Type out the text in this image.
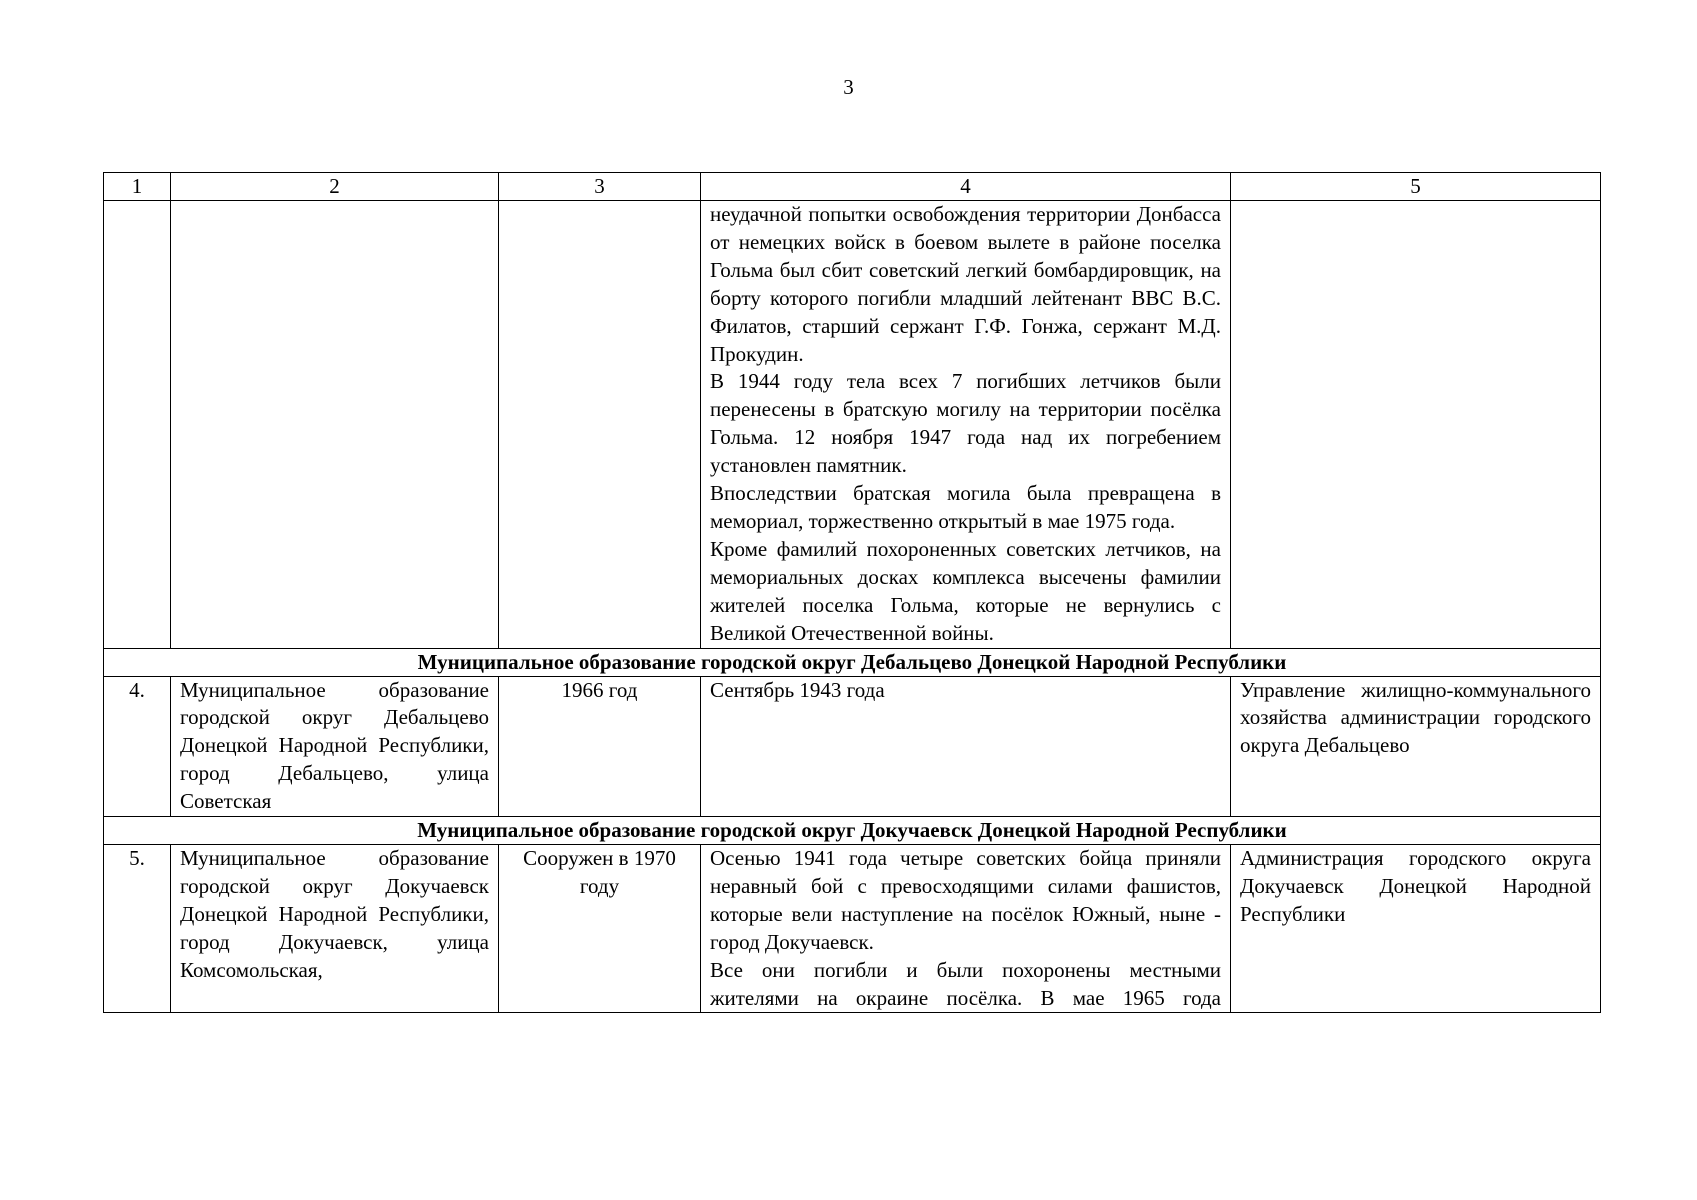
3
1	2	3	4	5

			неудачной попытки освобождения территории Донбасса от немецких войск в боевом вылете в районе поселка Гольма был сбит советский легкий бомбардировщик, на борту которого погибли младший лейтенант ВВС В.С. Филатов, старший сержант Г.Ф. Гонжа, сержант М.Д. Прокудин.

В 1944 году тела всех 7 погибших летчиков были перенесены в братскую могилу на территории посёлка Гольма. 12 ноября 1947 года над их погребением установлен памятник.

Впоследствии братская могила была превращена в мемориал, торжественно открытый в мае 1975 года.

Кроме фамилий похороненных советских летчиков, на мемориальных досках комплекса высечены фамилии жителей поселка Гольма, которые не вернулись с Великой Отечественной войны.	

Муниципальное образование городской округ Дебальцево Донецкой Народной Республики				
4.	Муниципальное образование городской округ Дебальцево Донецкой Народной Республики, город Дебальцево, улица Советская	1966 год	Сентябрь 1943 года	Управление жилищно-коммунального хозяйства администрации городского округа Дебальцево
Муниципальное образование городской округ Докучаевск Донецкой Народной Республики				

5.	Муниципальное образование городской округ Докучаевск Донецкой Народной Республики, город Докучаевск, улица Комсомольская,	Сооружен в 1970 году	Осенью 1941 года четыре советских бойца приняли неравный бой с превосходящими силами фашистов, которые вели наступление на посёлок Южный, ныне - город Докучаевск.

Все они погибли и были похоронены местными жителями на окраине посёлка. В мае 1965 года	Администрация городского округа Докучаевск Донецкой Народной Республики
